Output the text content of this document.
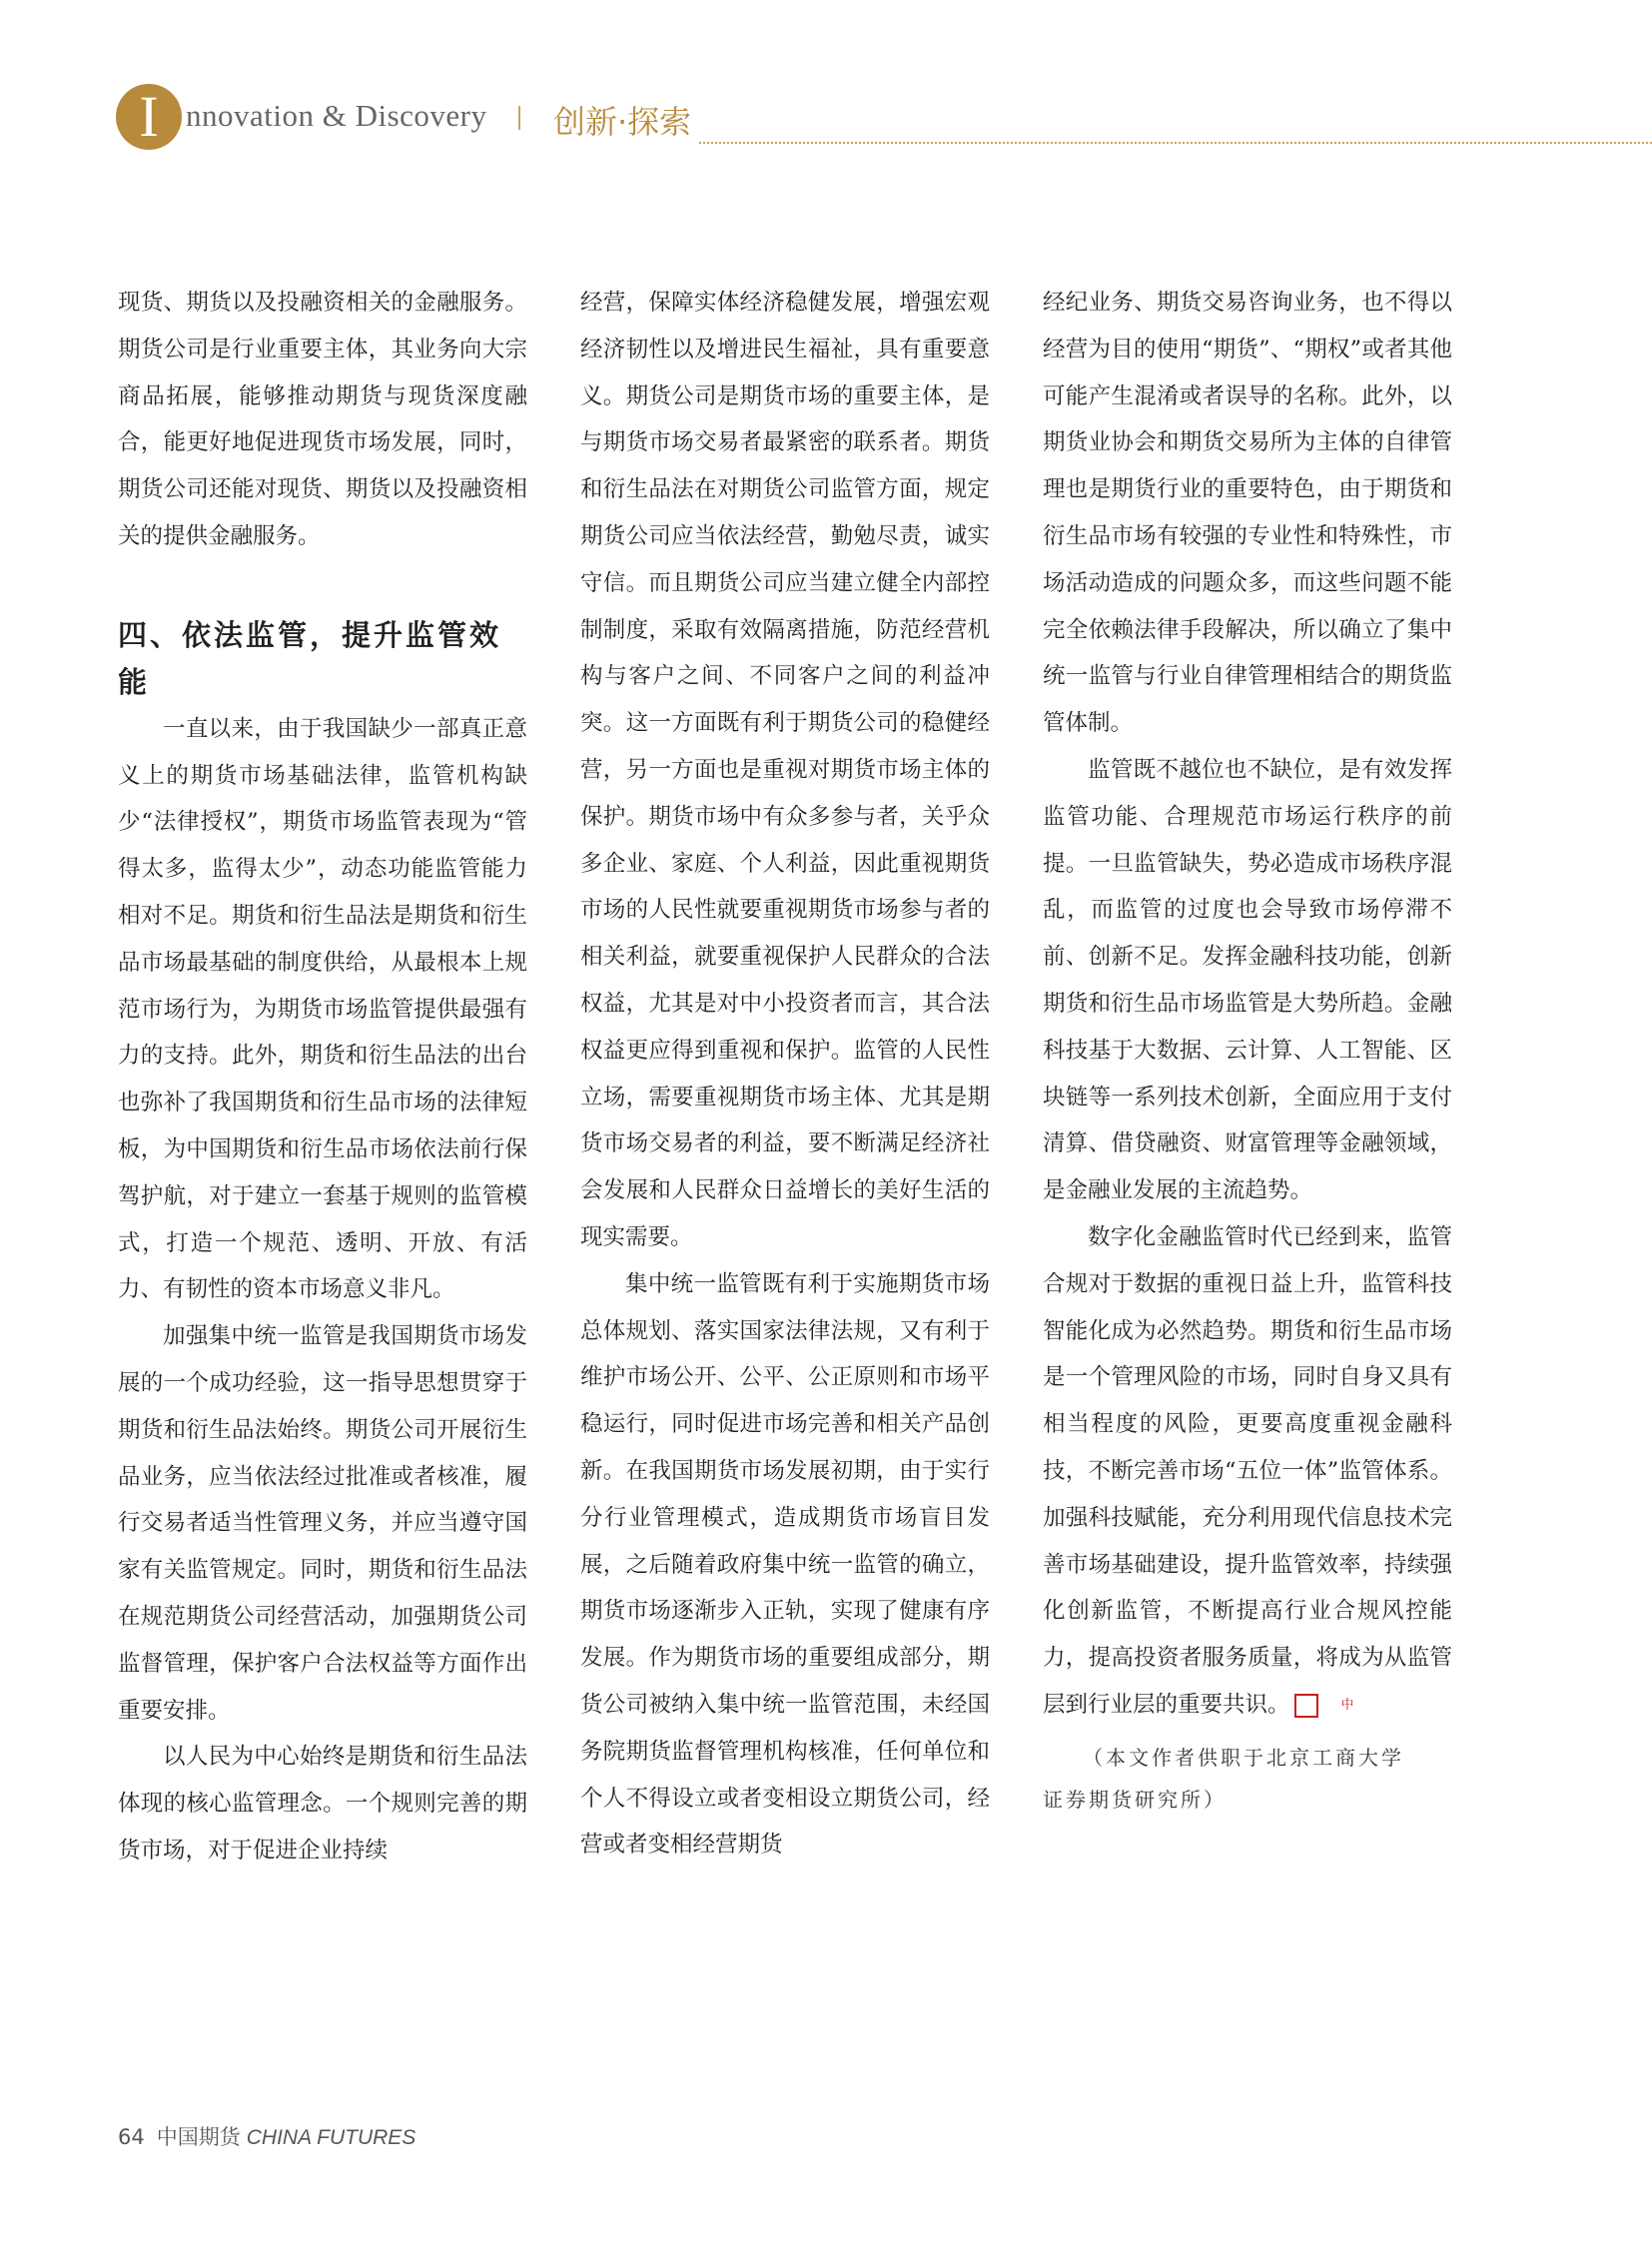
I nnovation & Discovery 创新·探索

现货、期货以及投融资相关的金融服务。期货公司是行业重要主体，其业务向大宗商品拓展，能够推动期货与现货深度融合，能更好地促进现货市场发展，同时，期货公司还能对现货、期货以及投融资相关的提供金融服务。

四、依法监管，提升监管效能

一直以来，由于我国缺少一部真正意义上的期货市场基础法律，监管机构缺少“法律授权”，期货市场监管表现为“管得太多，监得太少”，动态功能监管能力相对不足。期货和衍生品法是期货和衍生品市场最基础的制度供给，从最根本上规范市场行为，为期货市场监管提供最强有力的支持。此外，期货和衍生品法的出台也弥补了我国期货和衍生品市场的法律短板，为中国期货和衍生品市场依法前行保驾护航，对于建立一套基于规则的监管模式，打造一个规范、透明、开放、有活力、有韧性的资本市场意义非凡。

加强集中统一监管是我国期货市场发展的一个成功经验，这一指导思想贯穿于期货和衍生品法始终。期货公司开展衍生品业务，应当依法经过批准或者核准，履行交易者适当性管理义务，并应当遵守国家有关监管规定。同时，期货和衍生品法在规范期货公司经营活动，加强期货公司监督管理，保护客户合法权益等方面作出重要安排。

以人民为中心始终是期货和衍生品法体现的核心监管理念。一个规则完善的期货市场，对于促进企业持续

经营，保障实体经济稳健发展，增强宏观经济韧性以及增进民生福祉，具有重要意义。期货公司是期货市场的重要主体，是与期货市场交易者最紧密的联系者。期货和衍生品法在对期货公司监管方面，规定期货公司应当依法经营，勤勉尽责，诚实守信。而且期货公司应当建立健全内部控制制度，采取有效隔离措施，防范经营机构与客户之间、不同客户之间的利益冲突。这一方面既有利于期货公司的稳健经营，另一方面也是重视对期货市场主体的保护。期货市场中有众多参与者，关乎众多企业、家庭、个人利益，因此重视期货市场的人民性就要重视期货市场参与者的相关利益，就要重视保护人民群众的合法权益，尤其是对中小投资者而言，其合法权益更应得到重视和保护。监管的人民性立场，需要重视期货市场主体、尤其是期货市场交易者的利益，要不断满足经济社会发展和人民群众日益增长的美好生活的现实需要。

集中统一监管既有利于实施期货市场总体规划、落实国家法律法规，又有利于维护市场公开、公平、公正原则和市场平稳运行，同时促进市场完善和相关产品创新。在我国期货市场发展初期，由于实行分行业管理模式，造成期货市场盲目发展，之后随着政府集中统一监管的确立，期货市场逐渐步入正轨，实现了健康有序发展。作为期货市场的重要组成部分，期货公司被纳入集中统一监管范围，未经国务院期货监督管理机构核准，任何单位和个人不得设立或者变相设立期货公司，经营或者变相经营期货

经纪业务、期货交易咨询业务，也不得以经营为目的使用“期货”、“期权”或者其他可能产生混淆或者误导的名称。此外，以期货业协会和期货交易所为主体的自律管理也是期货行业的重要特色，由于期货和衍生品市场有较强的专业性和特殊性，市场活动造成的问题众多，而这些问题不能完全依赖法律手段解决，所以确立了集中统一监管与行业自律管理相结合的期货监管体制。

监管既不越位也不缺位，是有效发挥监管功能、合理规范市场运行秩序的前提。一旦监管缺失，势必造成市场秩序混乱，而监管的过度也会导致市场停滞不前、创新不足。发挥金融科技功能，创新期货和衍生品市场监管是大势所趋。金融科技基于大数据、云计算、人工智能、区块链等一系列技术创新，全面应用于支付清算、借贷融资、财富管理等金融领域，是金融业发展的主流趋势。

数字化金融监管时代已经到来，监管合规对于数据的重视日益上升，监管科技智能化成为必然趋势。期货和衍生品市场是一个管理风险的市场，同时自身又具有相当程度的风险，更要高度重视金融科技，不断完善市场“五位一体”监管体系。加强科技赋能，充分利用现代信息技术完善市场基础建设，提升监管效率，持续强化创新监管，不断提高行业合规风控能力，提高投资者服务质量，将成为从监管层到行业层的重要共识。	中

（本文作者供职于北京工商大学
证券期货研究所）
64 中国期货 CHINA FUTURES
